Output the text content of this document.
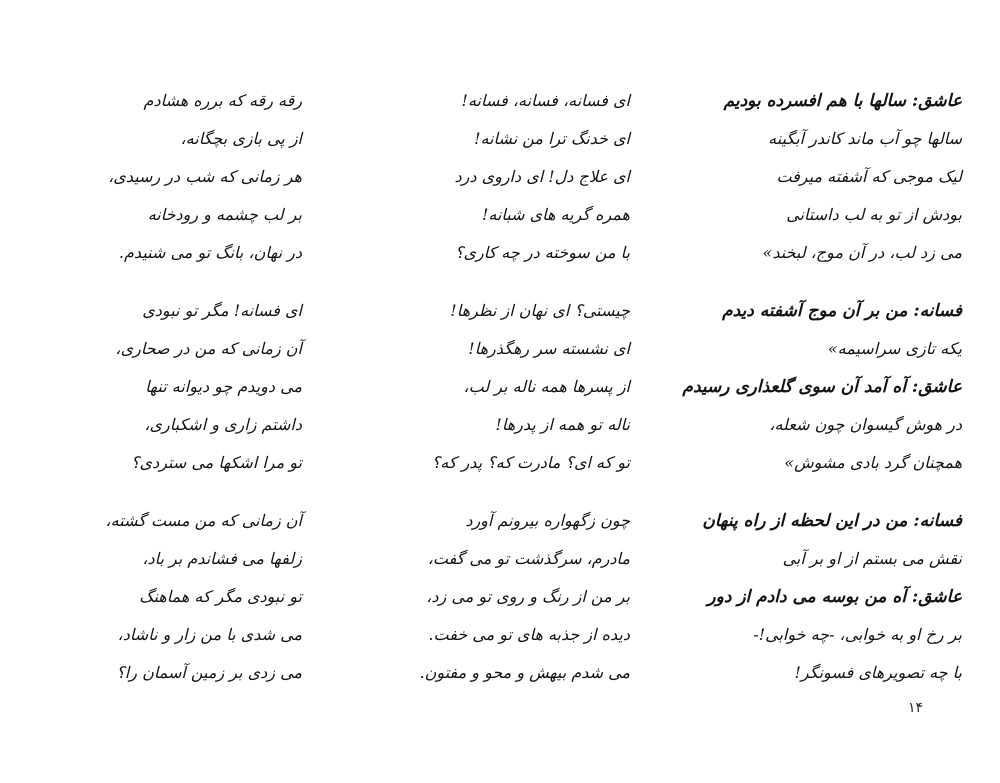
عاشق: سالها با هم افسرده بودیم
سالها چو آب ماند کاندر آبگینه
لیک موجی که آشفته میرفت
بودش از تو به لب داستانی
می زد لب، در آن موج، لبخند»
فسانه: من بر آن موج آشفته دیدم
یکه تازی سراسیمه»
عاشق: آه آمد آن سوی گلعذاری رسیدم
در هوش گیسوان چون شعله،
همچنان گرد بادی مشوش»
فسانه: من در این لحظه از راه پنهان
نقش می بستم از او بر آبی
عاشق: آه من بوسه می دادم از دور
بر رخ او به خوابی، -چه خوابی!-
با چه تصویرهای فسونگر!
ای فسانه، فسانه، فسانه!
ای خدنگ ترا من نشانه!
ای علاج دل! ای داروی درد
همره گریه های شبانه!
با من سوخته در چه کاری؟
چیستی؟ ای نهان از نظرها!
ای نشسته سر رهگذرها!
از پسرها همه ناله بر لب،
ناله تو همه از پدرها!
تو که ای؟ مادرت که؟ پدر که؟
چون زگهواره بیرونم آورد
مادرم، سرگذشت تو می گفت،
بر من از رنگ و روی تو می زد،
دیده از جذبه های تو می خفت.
می شدم بیهش و محو و مفتون.
رقه رقه که برره هشادم
از پی بازی بچگانه،
هر زمانی که شب در رسیدی،
بر لب چشمه و رودخانه
در نهان، بانگ تو می شنیدم.
ای فسانه! مگر تو نبودی
آن زمانی که من در صحاری،
می دویدم چو دیوانه تنها
داشتم زاری و اشکباری،
تو مرا اشکها می ستردی؟
آن زمانی که من مست گشته،
زلفها می فشاندم بر باد،
تو نبودی مگر که هماهنگ
می شدی با من زار و ناشاد،
می زدی بر زمین آسمان را؟
۱۴
